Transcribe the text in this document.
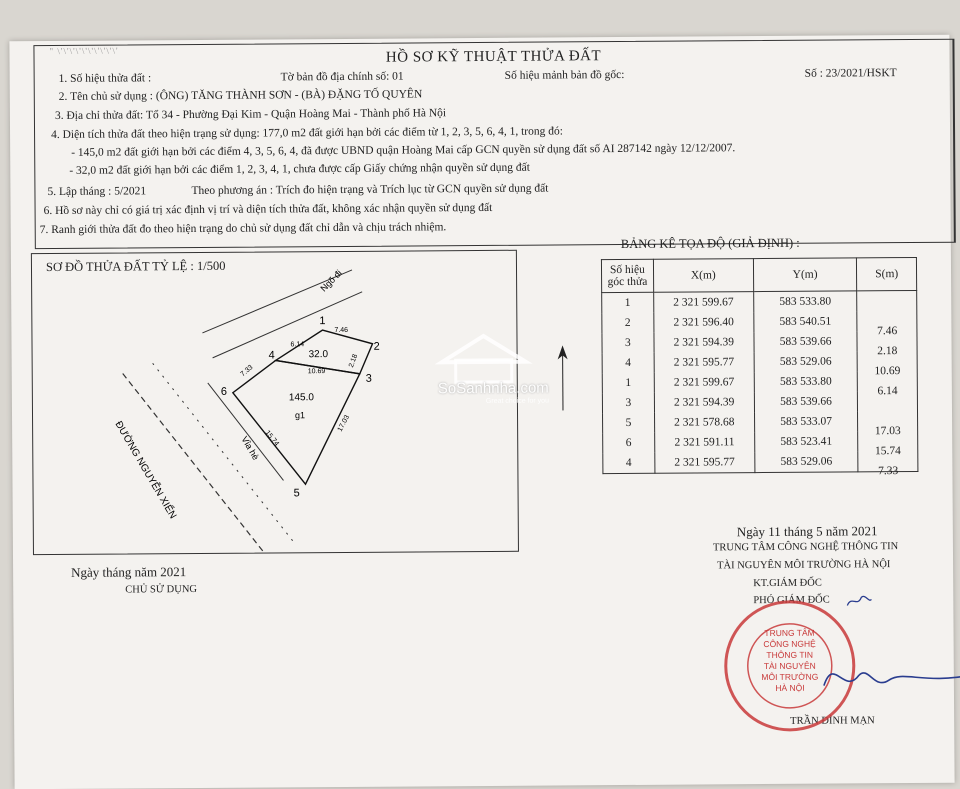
" \'\'\'\'\'\'\'\'\'\'	HỒ SƠ KỸ THUẬT THỬA ĐẤT
1. Số hiệu thửa đất :	Tờ bản đồ địa chính số: 01	Số hiệu mảnh bản đồ gốc:	Số : 23/2021/HSKT
2. Tên chủ sử dụng : (ÔNG) TĂNG THÀNH SƠN - (BÀ) ĐẶNG TỐ QUYÊN
3. Địa chỉ thửa đất: Tổ 34 - Phường Đại Kim - Quận Hoàng Mai - Thành phố Hà Nội
4. Diện tích thửa đất theo hiện trạng sử dụng: 177,0 m2 đất giới hạn bởi các điểm từ 1, 2, 3, 5, 6, 4, 1, trong đó:
- 145,0 m2 đất giới hạn bởi các điểm 4, 3, 5, 6, 4, đã được UBND quận Hoàng Mai cấp GCN quyền sử dụng đất số AI 287142 ngày 12/12/2007.
- 32,0 m2 đất giới hạn bởi các điểm 1, 2, 3, 4, 1, chưa được cấp Giấy chứng nhận quyền sử dụng đất
5. Lập tháng : 5/2021	Theo phương án : Trích đo hiện trạng và Trích lục từ GCN quyền sử dụng đất
6. Hồ sơ này chỉ có giá trị xác định vị trí và diện tích thửa đất, không xác nhận quyền sử dụng đất
7. Ranh giới thửa đất đo theo hiện trạng do chủ sử dụng đất chỉ dẫn và chịu trách nhiệm.
SƠ ĐỒ THỬA ĐẤT TỶ LỆ : 1/500
1
2
3
4
5
6
7.46
2.18
10.69
6.14
17.03
15.74
7.33
32.0
145.0
g1
Ngõ đi
ĐƯỜNG NGUYỄN XIỂN	Vỉa hè
SoSanhnha.com
Great choice for you
BẢNG KÊ TỌA ĐỘ (GIẢ ĐỊNH) :
Số hiệu góc thửa	X(m)	Y(m)	S(m)
1	2 321 599.67	583 533.80	
2	2 321 596.40	583 540.51	7.46
3	2 321 594.39	583 539.66	2.18
4	2 321 595.77	583 529.06	10.69
1	2 321 599.67	583 533.80	6.14
3	2 321 594.39	583 539.66	
5	2 321 578.68	583 533.07	17.03
6	2 321 591.11	583 523.41	15.74
4	2 321 595.77	583 529.06	7.33
Ngày tháng năm 2021
CHỦ SỬ DỤNG
Ngày 11 tháng 5 năm 2021
TRUNG TÂM CÔNG NGHỆ THÔNG TIN
TÀI NGUYÊN MÔI TRƯỜNG HÀ NỘI
KT.GIÁM ĐỐC
PHÓ GIÁM ĐỐC
TRẦN ĐÌNH MẠN
TRUNG TÂM
CÔNG NGHỆ
THÔNG TIN
TÀI NGUYÊN
MÔI TRƯỜNG
HÀ NỘI
